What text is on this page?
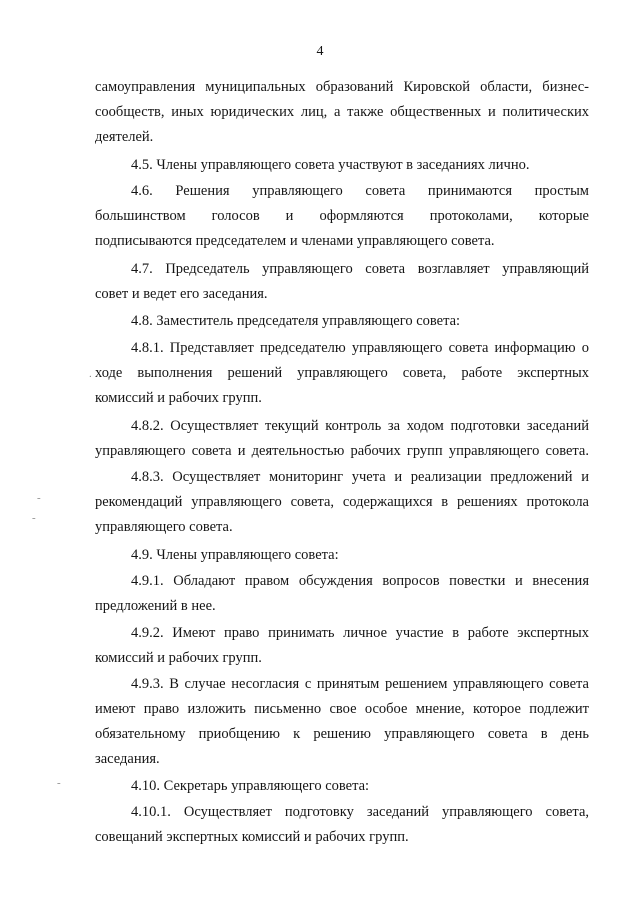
4
самоуправления муниципальных образований Кировской области, бизнес-
сообществ, иных юридических лиц, а также общественных и политических
деятелей.
4.5. Члены управляющего совета участвуют в заседаниях лично.
4.6. Решения управляющего совета принимаются простым
большинством голосов и оформляются протоколами, которые
подписываются председателем и членами управляющего совета.
4.7. Председатель управляющего совета возглавляет управляющий
совет и ведет его заседания.
4.8. Заместитель председателя управляющего совета:
4.8.1. Представляет председателю управляющего совета информацию о
ходе выполнения решений управляющего совета, работе экспертных
комиссий и рабочих групп.
4.8.2. Осуществляет текущий контроль за ходом подготовки заседаний
управляющего совета и деятельностью рабочих групп управляющего совета.
4.8.3. Осуществляет мониторинг учета и реализации предложений и
рекомендаций управляющего совета, содержащихся в решениях протокола
управляющего совета.
4.9. Члены управляющего совета:
4.9.1. Обладают правом обсуждения вопросов повестки и внесения
предложений в нее.
4.9.2. Имеют право принимать личное участие в работе экспертных
комиссий и рабочих групп.
4.9.3. В случае несогласия с принятым решением управляющего совета
имеют право изложить письменно свое особое мнение, которое подлежит
обязательному приобщению к решению управляющего совета в день
заседания.
4.10. Секретарь управляющего совета:
4.10.1. Осуществляет подготовку заседаний управляющего совета,
совещаний экспертных комиссий и рабочих групп.
.
-
-
-
